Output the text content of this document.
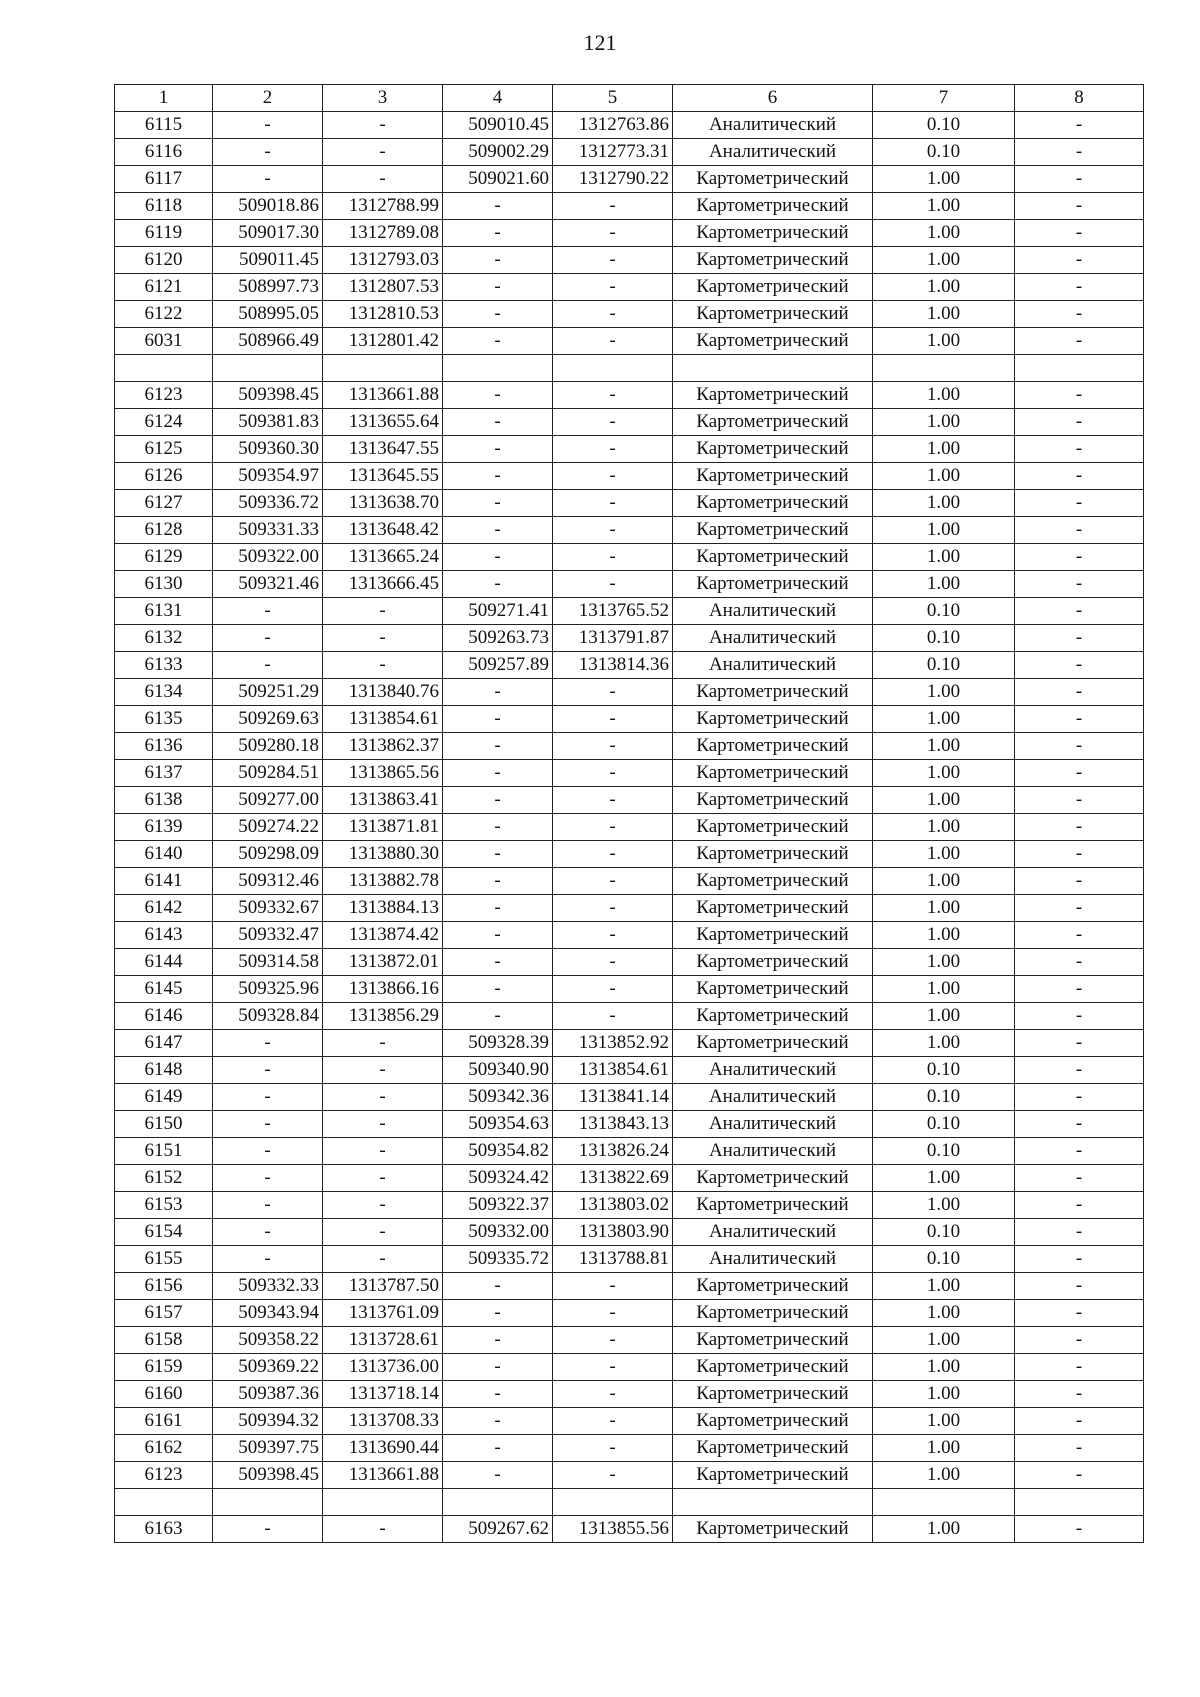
121
1	2	3	4	5	6	7	8
6115	-	-	509010.45	1312763.86	Аналитический	0.10	-
6116	-	-	509002.29	1312773.31	Аналитический	0.10	-
6117	-	-	509021.60	1312790.22	Картометрический	1.00	-
6118	509018.86	1312788.99	-	-	Картометрический	1.00	-
6119	509017.30	1312789.08	-	-	Картометрический	1.00	-
6120	509011.45	1312793.03	-	-	Картометрический	1.00	-
6121	508997.73	1312807.53	-	-	Картометрический	1.00	-
6122	508995.05	1312810.53	-	-	Картометрический	1.00	-
6031	508966.49	1312801.42	-	-	Картометрический	1.00	-

6123	509398.45	1313661.88	-	-	Картометрический	1.00	-
6124	509381.83	1313655.64	-	-	Картометрический	1.00	-
6125	509360.30	1313647.55	-	-	Картометрический	1.00	-
6126	509354.97	1313645.55	-	-	Картометрический	1.00	-
6127	509336.72	1313638.70	-	-	Картометрический	1.00	-
6128	509331.33	1313648.42	-	-	Картометрический	1.00	-
6129	509322.00	1313665.24	-	-	Картометрический	1.00	-
6130	509321.46	1313666.45	-	-	Картометрический	1.00	-
6131	-	-	509271.41	1313765.52	Аналитический	0.10	-
6132	-	-	509263.73	1313791.87	Аналитический	0.10	-
6133	-	-	509257.89	1313814.36	Аналитический	0.10	-
6134	509251.29	1313840.76	-	-	Картометрический	1.00	-
6135	509269.63	1313854.61	-	-	Картометрический	1.00	-
6136	509280.18	1313862.37	-	-	Картометрический	1.00	-
6137	509284.51	1313865.56	-	-	Картометрический	1.00	-
6138	509277.00	1313863.41	-	-	Картометрический	1.00	-
6139	509274.22	1313871.81	-	-	Картометрический	1.00	-
6140	509298.09	1313880.30	-	-	Картометрический	1.00	-
6141	509312.46	1313882.78	-	-	Картометрический	1.00	-
6142	509332.67	1313884.13	-	-	Картометрический	1.00	-
6143	509332.47	1313874.42	-	-	Картометрический	1.00	-
6144	509314.58	1313872.01	-	-	Картометрический	1.00	-
6145	509325.96	1313866.16	-	-	Картометрический	1.00	-
6146	509328.84	1313856.29	-	-	Картометрический	1.00	-
6147	-	-	509328.39	1313852.92	Картометрический	1.00	-
6148	-	-	509340.90	1313854.61	Аналитический	0.10	-
6149	-	-	509342.36	1313841.14	Аналитический	0.10	-
6150	-	-	509354.63	1313843.13	Аналитический	0.10	-
6151	-	-	509354.82	1313826.24	Аналитический	0.10	-
6152	-	-	509324.42	1313822.69	Картометрический	1.00	-
6153	-	-	509322.37	1313803.02	Картометрический	1.00	-
6154	-	-	509332.00	1313803.90	Аналитический	0.10	-
6155	-	-	509335.72	1313788.81	Аналитический	0.10	-
6156	509332.33	1313787.50	-	-	Картометрический	1.00	-
6157	509343.94	1313761.09	-	-	Картометрический	1.00	-
6158	509358.22	1313728.61	-	-	Картометрический	1.00	-
6159	509369.22	1313736.00	-	-	Картометрический	1.00	-
6160	509387.36	1313718.14	-	-	Картометрический	1.00	-
6161	509394.32	1313708.33	-	-	Картометрический	1.00	-
6162	509397.75	1313690.44	-	-	Картометрический	1.00	-
6123	509398.45	1313661.88	-	-	Картометрический	1.00	-

6163	-	-	509267.62	1313855.56	Картометрический	1.00	-
